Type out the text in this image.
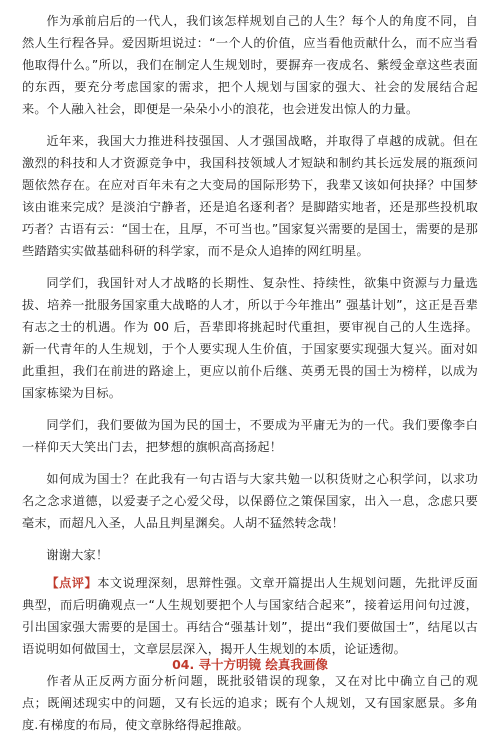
作为承前启后的一代人，我们该怎样规划自己的人生？每个人的角度不同，自然人生行程各异。爱因斯坦说过：“一个人的价值，应当看他贡献什么，而不应当看他取得什么。”所以，我们在制定人生规划时，要摒弃一夜成名、紫绶金章这些表面的东西，要充分考虑国家的需求，把个人规划与国家的强大、社会的发展结合起来。个人融入社会，即便是一朵朵小小的浪花，也会迸发出惊人的力量。

近年来，我国大力推进科技强国、人才强国战略，并取得了卓越的成就。但在激烈的科技和人才资源竞争中，我国科技领域人才短缺和制约其长远发展的瓶颈问题依然存在。在应对百年未有之大变局的国际形势下，我辈又该如何抉择？中国梦该由谁来完成？是淡泊宁静者，还是追名逐利者？是脚踏实地者，还是那些投机取巧者？古语有云：“国士在，且厚，不可当也。”国家复兴需要的是国士，需要的是那些踏踏实实做基础科研的科学家，而不是众人追捧的网红明星。

同学们，我国针对人才战略的长期性、复杂性、持续性，欲集中资源与力量选拔、培养一批服务国家重大战略的人才，所以于今年推出” 强基计划”，这正是吾辈有志之士的机遇。作为 00 后，吾辈即将挑起时代重担，要审视自己的人生选择。新一代青年的人生规划，于个人要实现人生价值，于国家要实现强大复兴。面对如此重担，我们在前进的路途上，更应以前仆后继、英勇无畏的国士为榜样，以成为国家栋梁为目标。

同学们，我们要做为国为民的国士，不要成为平庸无为的一代。我们要像李白一样仰天大笑出门去，把梦想的旗帜高高扬起！

如何成为国士？在此我有一句古语与大家共勉一以积货财之心积学问，以求功名之念求道德，以爱妻子之心爱父母，以保爵位之策保国家，出入一息，念虑只要毫末，而超凡入圣，人品且判星渊矣。人胡不猛然转念哉！

谢谢大家！

【点评】本文说理深刻，思辩性强。文章开篇提出人生规划问题，先批评反面典型，而后明确观点一“人生规划要把个人与国家结合起来”，接着运用问句过渡，引出国家强大需要的是国士。再结合“强基计划”，提出“我们要做国士”，结尾以古语说明如何做国士，文章层层深入，揭开人生规划的本质，论证透彻。

作者从正反两方面分析问题，既批驳错误的现象，又在对比中确立自己的观点；既阐述现实中的问题，又有长远的追求；既有个人规划，又有国家愿景。多角度.有梯度的布局，使文章脉络得起推敲。

04. 寻十方明镜 绘真我画像
